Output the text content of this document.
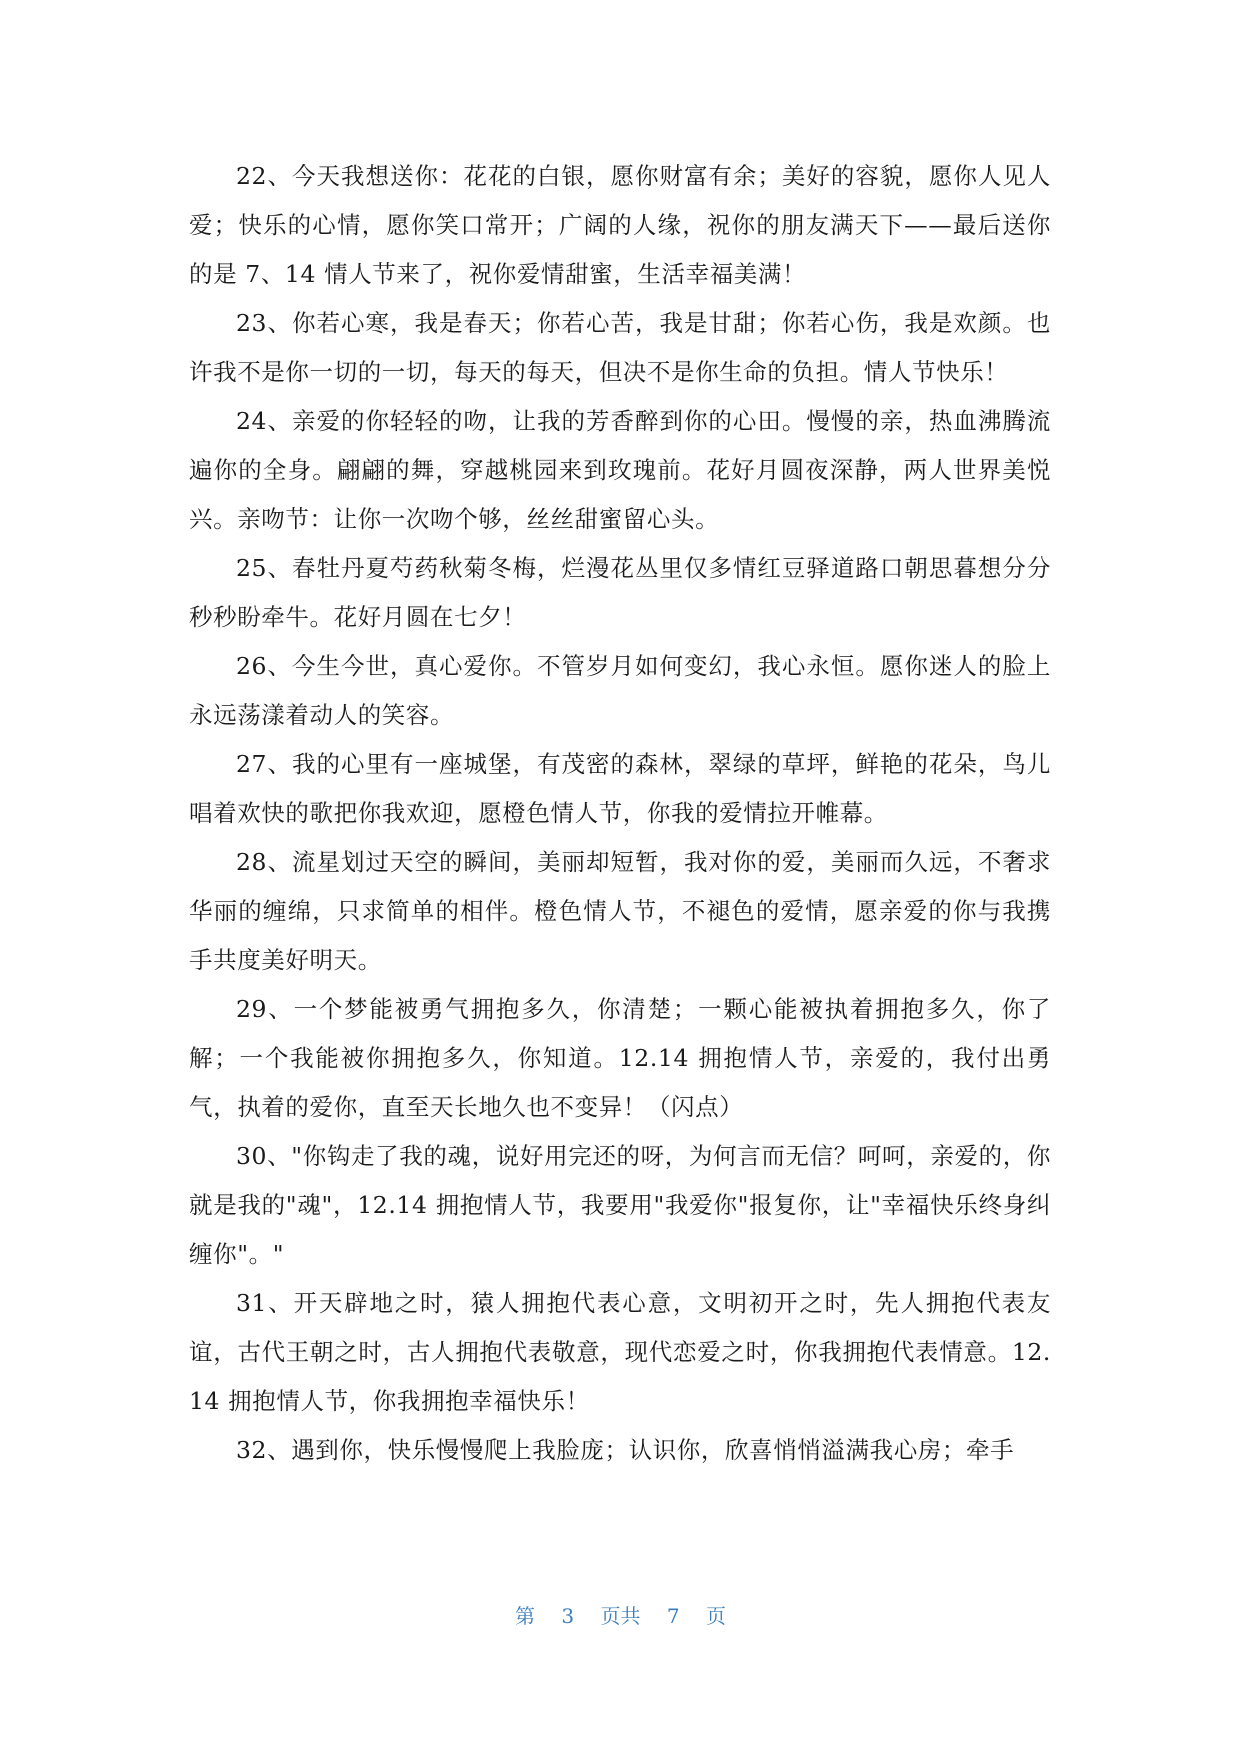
22、今天我想送你：花花的白银，愿你财富有余；美好的容貌，愿你人见人爱；快乐的心情，愿你笑口常开；广阔的人缘，祝你的朋友满天下——最后送你的是 7、14 情人节来了，祝你爱情甜蜜，生活幸福美满！

23、你若心寒，我是春天；你若心苦，我是甘甜；你若心伤，我是欢颜。也许我不是你一切的一切，每天的每天，但决不是你生命的负担。情人节快乐！

24、亲爱的你轻轻的吻，让我的芳香醉到你的心田。慢慢的亲，热血沸腾流遍你的全身。翩翩的舞，穿越桃园来到玫瑰前。花好月圆夜深静，两人世界美悦兴。亲吻节：让你一次吻个够，丝丝甜蜜留心头。

25、春牡丹夏芍药秋菊冬梅，烂漫花丛里仅多情红豆驿道路口朝思暮想分分秒秒盼牵牛。花好月圆在七夕！

26、今生今世，真心爱你。不管岁月如何变幻，我心永恒。愿你迷人的脸上永远荡漾着动人的笑容。

27、我的心里有一座城堡，有茂密的森林，翠绿的草坪，鲜艳的花朵，鸟儿唱着欢快的歌把你我欢迎，愿橙色情人节，你我的爱情拉开帷幕。

28、流星划过天空的瞬间，美丽却短暂，我对你的爱，美丽而久远，不奢求华丽的缠绵，只求简单的相伴。橙色情人节，不褪色的爱情，愿亲爱的你与我携手共度美好明天。

29、一个梦能被勇气拥抱多久，你清楚；一颗心能被执着拥抱多久，你了解；一个我能被你拥抱多久，你知道。12.14 拥抱情人节，亲爱的，我付出勇气，执着的爱你，直至天长地久也不变异！（闪点）

30、"你钩走了我的魂，说好用完还的呀，为何言而无信？呵呵，亲爱的，你就是我的"魂"，12.14 拥抱情人节，我要用"我爱你"报复你，让"幸福快乐终身纠缠你"。"

31、开天辟地之时，猿人拥抱代表心意，文明初开之时，先人拥抱代表友谊，古代王朝之时，古人拥抱代表敬意，现代恋爱之时，你我拥抱代表情意。12.14 拥抱情人节，你我拥抱幸福快乐！

32、遇到你，快乐慢慢爬上我脸庞；认识你，欣喜悄悄溢满我心房；牵手

第 3 页共 7 页
